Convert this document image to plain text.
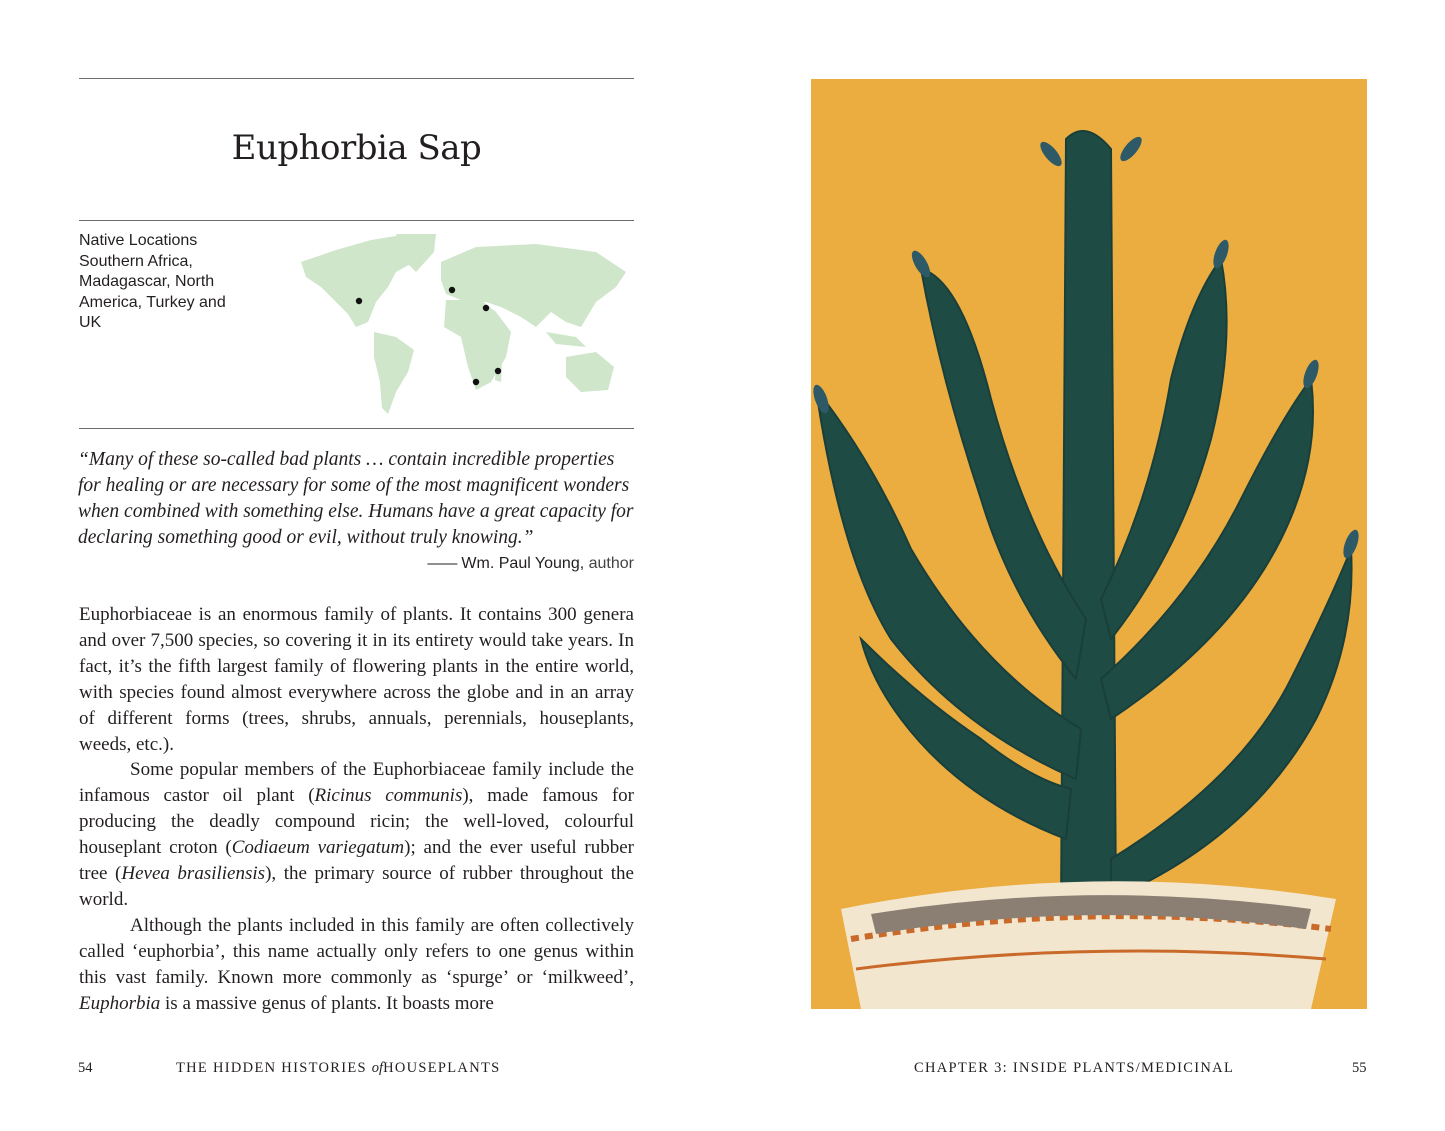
Euphorbia Sap
Native Locations
Southern Africa, Madagascar, North America, Turkey and UK
“Many of these so-called bad plants … contain incredible properties for healing or are necessary for some of the most magnificent wonders when combined with something else. Humans have a great capacity for declaring something good or evil, without truly knowing.”
—— Wm. Paul Young, author

Euphorbiaceae is an enormous family of plants. It contains 300 genera and over 7,500 species, so covering it in its entirety would take years. In fact, it’s the fifth largest family of flowering plants in the entire world, with species found almost everywhere across the globe and in an array of different forms (trees, shrubs, annuals, perennials, houseplants, weeds, etc.).

Some popular members of the Euphorbiaceae family include the infamous castor oil plant (Ricinus communis), made famous for producing the deadly compound ricin; the well-loved, colourful houseplant croton (Codiaeum variegatum); and the ever useful rubber tree (Hevea brasiliensis), the primary source of rubber throughout the world.

Although the plants included in this family are often collectively called ‘euphorbia’, this name actually only refers to one genus within this vast family. Known more commonly as ‘spurge’ or ‘milkweed’, Euphorbia is a massive genus of plants. It boasts more

54	THE HIDDEN HISTORIES ofHOUSEPLANTS	CHAPTER 3: INSIDE PLANTS/MEDICINAL	55
